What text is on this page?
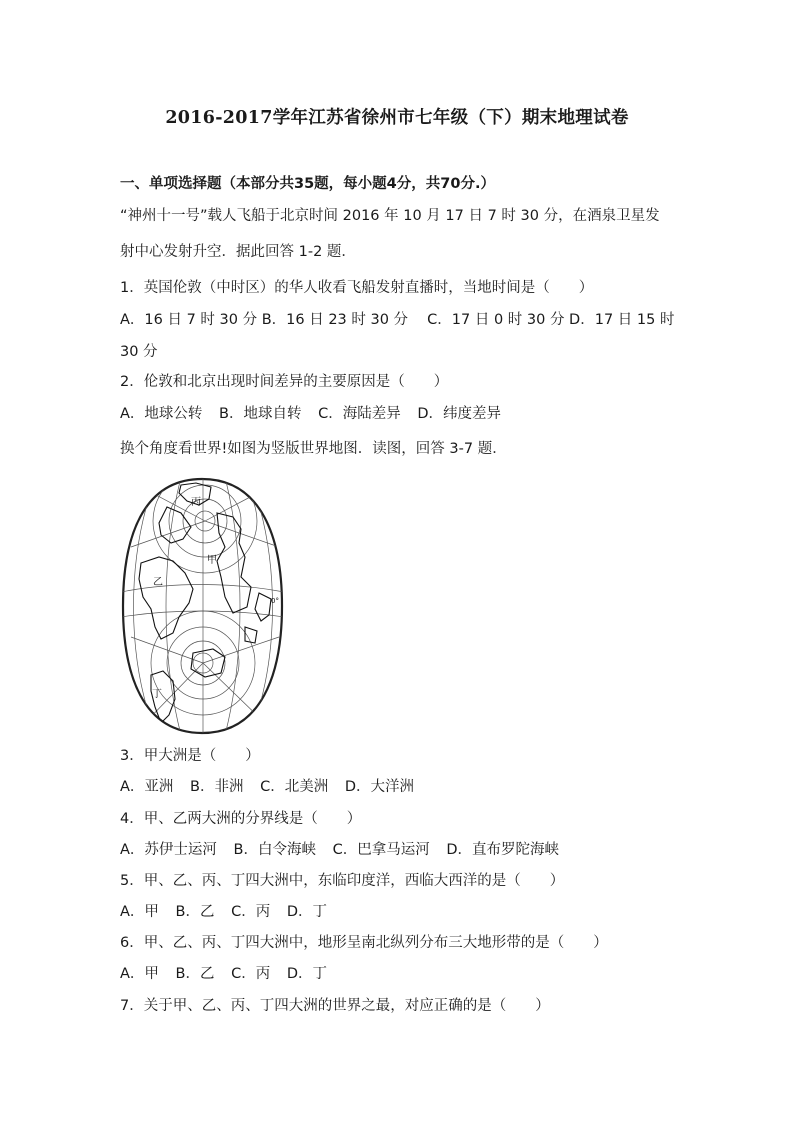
2016-2017学年江苏省徐州市七年级（下）期末地理试卷
一、单项选择题（本部分共35题，每小题4分，共70分.）
“神州十一号”载人飞船于北京时间 2016 年 10 月 17 日 7 时 30 分，在酒泉卫星发
射中心发射升空．据此回答 1-2 题．
1．英国伦敦（中时区）的华人收看飞船发射直播时，当地时间是（　　）
A．16 日 7 时 30 分 B．16 日 23 时 30 分　 C．17 日 0 时 30 分 D．17 日 15 时
30 分
2．伦敦和北京出现时间差异的主要原因是（　　）
A．地球公转 B．地球自转 C．海陆差异 D．纬度差异
换个角度看世界!如图为竖版世界地图．读图，回答 3-7 题．
丙
甲
乙
丁
0°
3．甲大洲是（　　）
A．亚洲 B．非洲 C．北美洲 D．大洋洲
4．甲、乙两大洲的分界线是（　　）
A．苏伊士运河 B．白令海峡 C．巴拿马运河 D．直布罗陀海峡
5．甲、乙、丙、丁四大洲中，东临印度洋，西临大西洋的是（　　）
A．甲 B．乙 C．丙 D．丁
6．甲、乙、丙、丁四大洲中，地形呈南北纵列分布三大地形带的是（　　）
A．甲 B．乙 C．丙 D．丁
7．关于甲、乙、丙、丁四大洲的世界之最，对应正确的是（　　）
